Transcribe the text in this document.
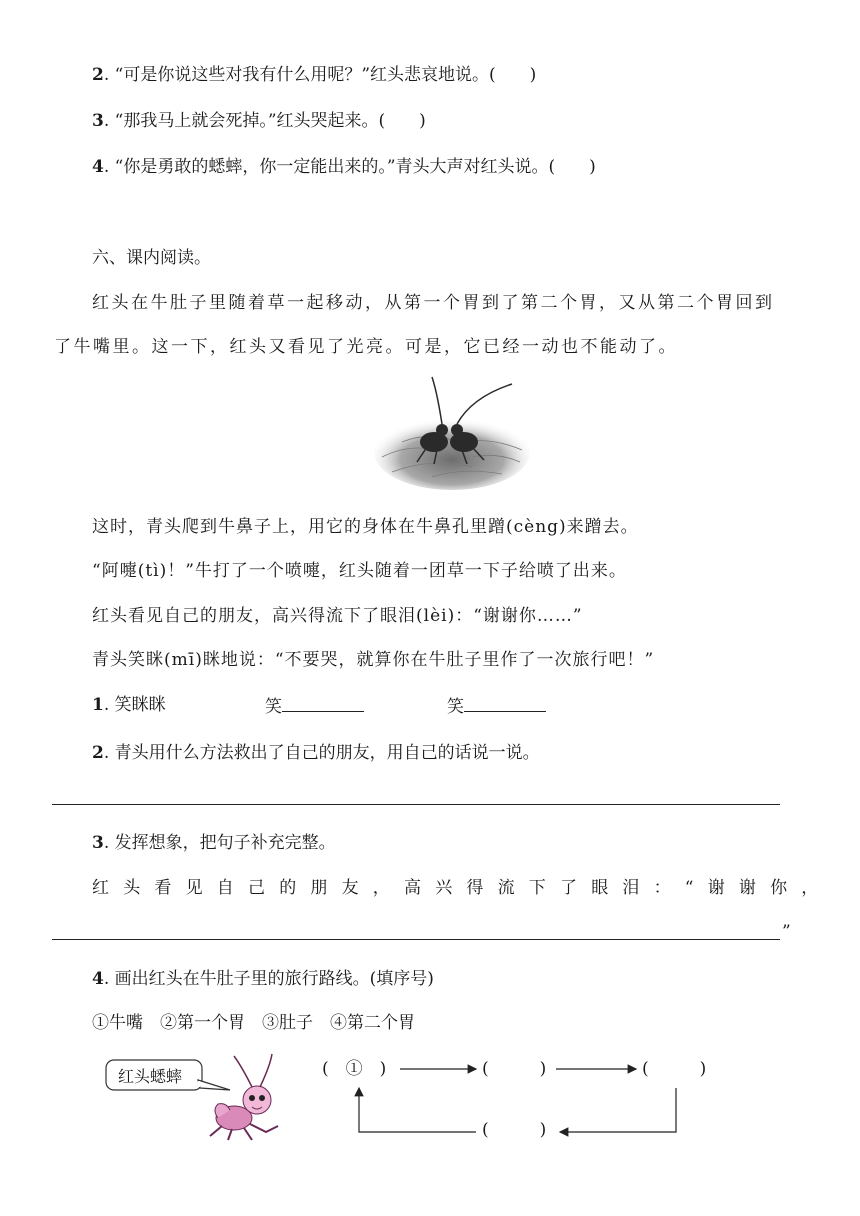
2. “可是你说这些对我有什么用呢？”红头悲哀地说。(　　)
3. “那我马上就会死掉。”红头哭起来。(　　)
4. “你是勇敢的蟋蟀，你一定能出来的。”青头大声对红头说。(　　)
六、课内阅读。
红头在牛肚子里随着草一起移动，从第一个胃到了第二个胃，又从第二个胃回到
了牛嘴里。这一下，红头又看见了光亮。可是，它已经一动也不能动了。
这时，青头爬到牛鼻子上，用它的身体在牛鼻孔里蹭(cèng)来蹭去。
“阿嚏(tì)！”牛打了一个喷嚏，红头随着一团草一下子给喷了出来。
红头看见自己的朋友，高兴得流下了眼泪(lèi)：“谢谢你……”
青头笑眯(mī)眯地说：“不要哭，就算你在牛肚子里作了一次旅行吧！”
1. 笑眯眯	笑	笑
2. 青头用什么方法救出了自己的朋友，用自己的话说一说。
3. 发挥想象，把句子补充完整。
红头看见自己的朋友，高兴得流下了眼泪：“谢谢你，
”
4. 画出红头在牛肚子里的旅行路线。(填序号)
①牛嘴　②第一个胃　③肚子　④第二个胃
红头蟋蟀	(　①　)	(　　　)	(　　　)
(　　　)
